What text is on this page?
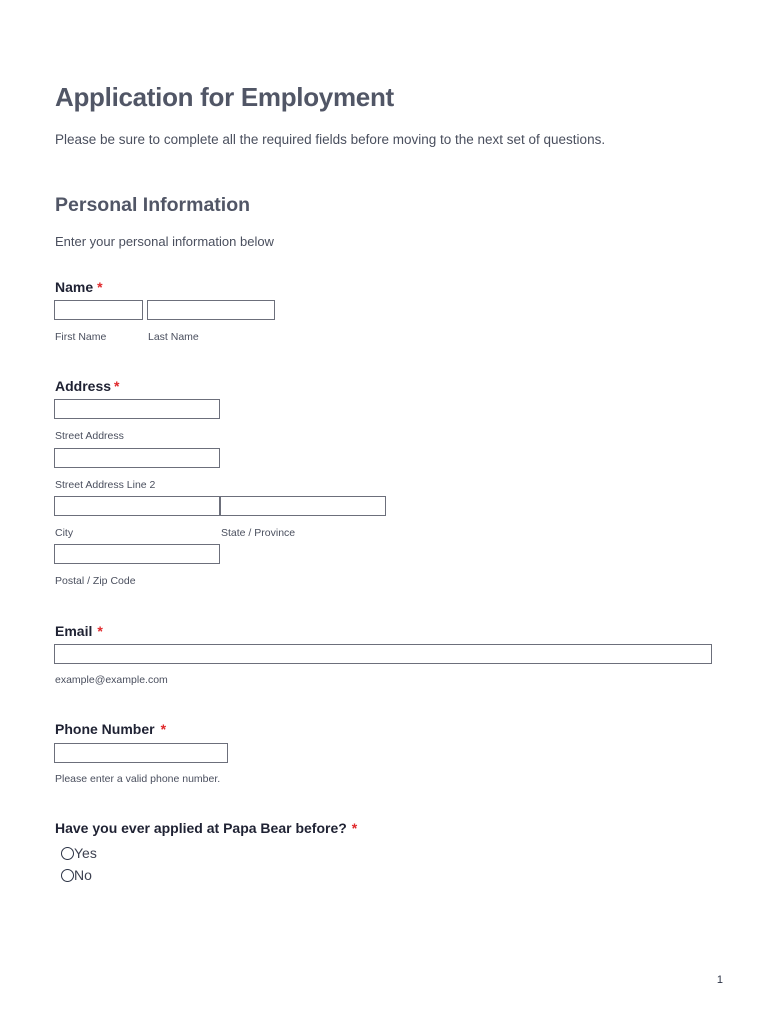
Application for Employment
Please be sure to complete all the required fields before moving to the next set of questions.
Personal Information
Enter your personal information below
Name *
First Name	Last Name
Address *
Street Address
Street Address Line 2
City	State / Province
Postal / Zip Code
Email *
example@example.com
Phone Number *
Please enter a valid phone number.
Have you ever applied at Papa Bear before? *
Yes
No
1
